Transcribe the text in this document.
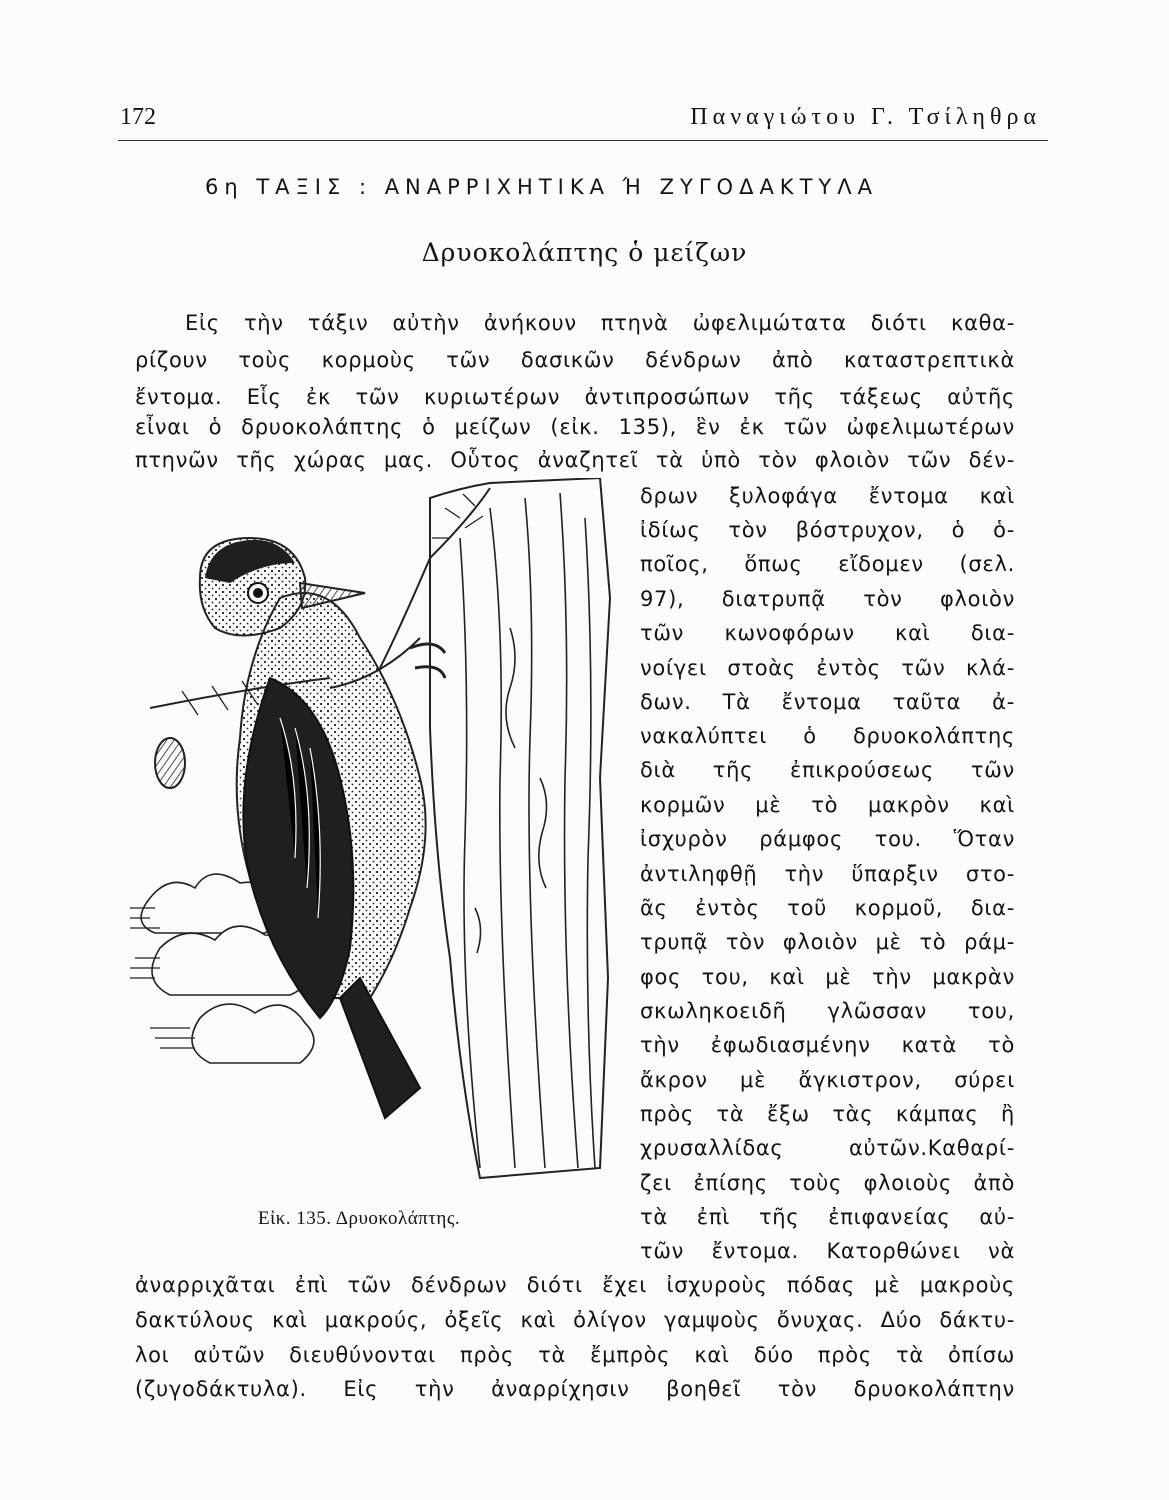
172	Παναγιώτου Γ. Τσίληθρα
6η ΤΑΞΙΣ : ΑΝΑΡΡΙΧΗΤΙΚΑ Ή ΖΥΓΟΔΑΚΤΥΛΑ
Δρυοκολάπτης ὁ μείζων
Εἰς τὴν τάξιν αὐτὴν ἀνήκουν πτηνὰ ὠφελιμώτατα διότι καθα-
ρίζουν τοὺς κορμοὺς τῶν δασικῶν δένδρων ἀπὸ καταστρεπτικὰ
ἔντομα. Εἷς ἐκ τῶν κυριωτέρων ἀντιπροσώπων τῆς τάξεως αὐτῆς
εἶναι ὁ δρυοκολάπτης ὁ μείζων (εἰκ. 135), ἓν ἐκ τῶν ὠφελιμωτέρων
πτηνῶν τῆς χώρας μας. Οὗτος ἀναζητεῖ τὰ ὑπὸ τὸν φλοιὸν τῶν δέν-
δρων ξυλοφάγα ἔντομα καὶ
ἰδίως τὸν βόστρυχον, ὁ ὁ-
ποῖος, ὅπως εἴδομεν (σελ.
97), διατρυπᾷ τὸν φλοιὸν
τῶν κωνοφόρων καὶ δια-
νοίγει στοὰς ἐντὸς τῶν κλά-
δων. Τὰ ἔντομα ταῦτα ἀ-
νακαλύπτει ὁ δρυοκολάπτης
διὰ τῆς ἐπικρούσεως τῶν
κορμῶν μὲ τὸ μακρὸν καὶ
ἰσχυρὸν ράμφος του. Ὅταν
ἀντιληφθῇ τὴν ὕπαρξιν στο-
ᾶς ἐντὸς τοῦ κορμοῦ, δια-
τρυπᾷ τὸν φλοιὸν μὲ τὸ ράμ-
φος του, καὶ μὲ τὴν μακρὰν
σκωληκοειδῆ γλῶσσαν του,
τὴν ἐφωδιασμένην κατὰ τὸ
ἄκρον μὲ ἄγκιστρον, σύρει
πρὸς τὰ ἔξω τὰς κάμπας ἢ
χρυσαλλίδας αὐτῶν.Καθαρί-
ζει ἐπίσης τοὺς φλοιοὺς ἀπὸ
τὰ ἐπὶ τῆς ἐπιφανείας αὐ-
τῶν ἔντομα. Κατορθώνει νὰ
ἀναρριχᾶται ἐπὶ τῶν δένδρων διότι ἔχει ἰσχυροὺς πόδας μὲ μακροὺς
δακτύλους καὶ μακρούς, ὀξεῖς καὶ ὀλίγον γαμψοὺς ὄνυχας. Δύο δάκτυ-
λοι αὐτῶν διευθύνονται πρὸς τὰ ἔμπρὸς καὶ δύο πρὸς τὰ ὀπίσω
(ζυγοδάκτυλα). Εἰς τὴν ἀναρρίχησιν βοηθεῖ τὸν δρυοκολάπτην
Εἰκ. 135. Δρυοκολάπτης.
